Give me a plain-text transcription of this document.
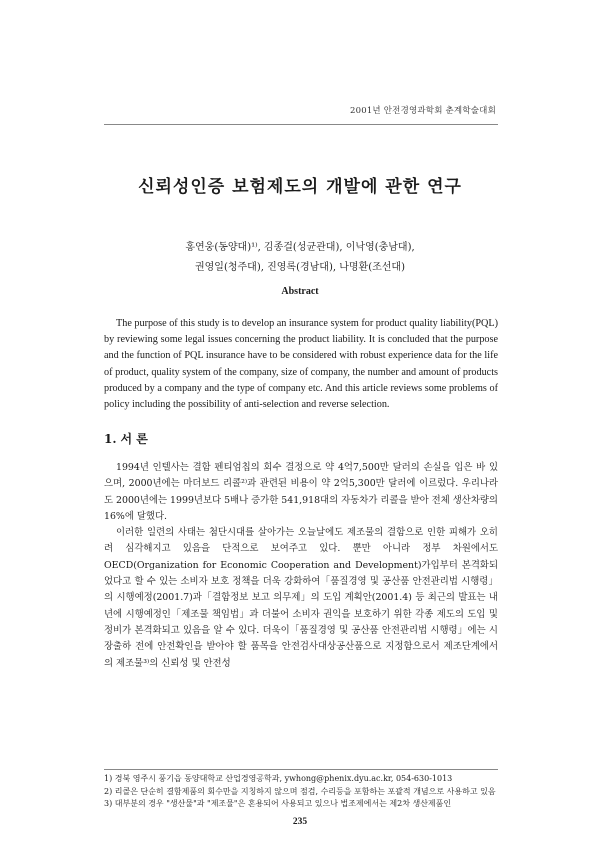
2001년 안전경영과학회 춘계학술대회
신뢰성인증 보험제도의 개발에 관한 연구
홍연웅(동양대)¹⁾, 김종걸(성균관대), 이낙영(충남대),
권영일(청주대), 진영록(경남대), 나명환(조선대)
Abstract
The purpose of this study is to develop an insurance system for product quality liability(PQL) by reviewing some legal issues concerning the product liability. It is concluded that the purpose and the function of PQL insurance have to be considered with robust experience data for the life of product, quality system of the company, size of company, the number and amount of products produced by a company and the type of company etc. And this article reviews some problems of policy including the possibility of anti-selection and reverse selection.
1. 서 론

1994년 인텔사는 결함 펜티엄칩의 회수 결정으로 약 4억7,500만 달러의 손실을 입은 바 있으며, 2000년에는 마더보드 리콜²⁾과 관련된 비용이 약 2억5,300만 달러에 이르렀다. 우리나라도 2000년에는 1999년보다 5배나 증가한 541,918대의 자동차가 리콜을 받아 전체 생산차량의 16%에 달했다.

이러한 일련의 사태는 첨단시대를 살아가는 오늘날에도 제조물의 결함으로 인한 피해가 오히려 심각해지고 있음을 단적으로 보여주고 있다. 뿐만 아니라 정부 차원에서도 OECD(Organization for Economic Cooperation and Development)가입부터 본격화되었다고 할 수 있는 소비자 보호 정책을 더욱 강화하여「품질경영 및 공산품 안전관리법 시행령」의 시행예정(2001.7)과「결함정보 보고 의무제」의 도입 계획안(2001.4) 등 최근의 발표는 내년에 시행예정인「제조물 책임법」과 더불어 소비자 권익을 보호하기 위한 각종 제도의 도입 및 정비가 본격화되고 있음을 알 수 있다. 더욱이「품질경영 및 공산품 안전관리법 시행령」에는 시장출하 전에 안전확인을 받아야 할 품목을 안전검사대상공산품으로 지정함으로서 제조단계에서의 제조물³⁾의 신뢰성 및 안전성

1) 경북 영주시 풍기읍 동양대학교 산업경영공학과, ywhong@phenix.dyu.ac.kr, 054-630-1013
2) 리콜은 단순히 결함제품의 회수만을 지칭하지 않으며 점검, 수리등을 포함하는 포괄적 개념으로 사용하고 있음
3) 대부분의 경우 "생산물"과 "제조물"은 혼용되어 사용되고 있으나 법조제에서는 제2차 생산제품인
235
